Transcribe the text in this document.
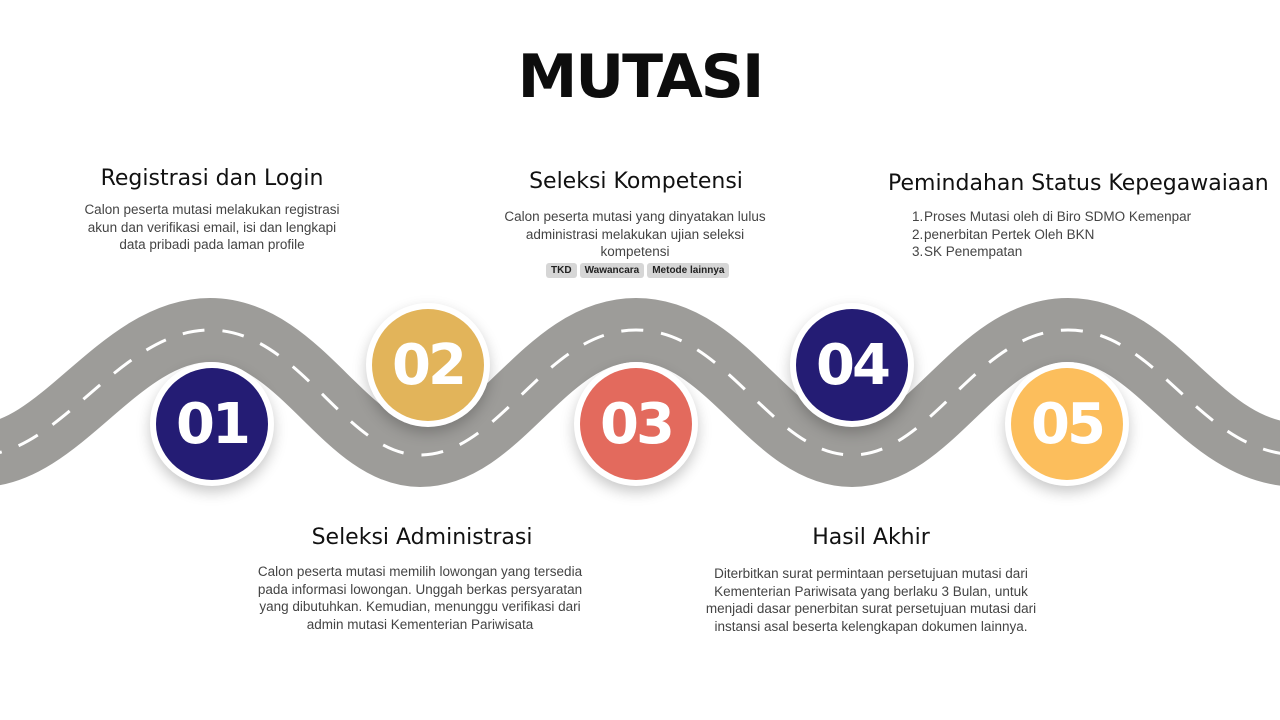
MUTASI
Registrasi dan Login

Calon peserta mutasi melakukan registrasi akun dan verifikasi email, isi dan lengkapi data pribadi pada laman profile

Seleksi Kompetensi

Calon peserta mutasi yang dinyatakan lulus administrasi melakukan ujian seleksi kompetensi

TKD	Wawancara	Metode lainnya
Pemindahan Status Kepegawaiaan
1.Proses Mutasi oleh di Biro SDMO Kemenpar
2.penerbitan Pertek Oleh BKN
3.SK Penempatan
Seleksi Administrasi

Calon peserta mutasi memilih lowongan yang tersedia pada informasi lowongan. Unggah berkas persyaratan yang dibutuhkan. Kemudian, menunggu verifikasi dari admin mutasi Kementerian Pariwisata

Hasil Akhir

Diterbitkan surat permintaan persetujuan mutasi dari Kementerian Pariwisata yang berlaku 3 Bulan, untuk menjadi dasar penerbitan surat persetujuan mutasi dari instansi asal beserta kelengkapan dokumen lainnya.

01
02
03
04
05
